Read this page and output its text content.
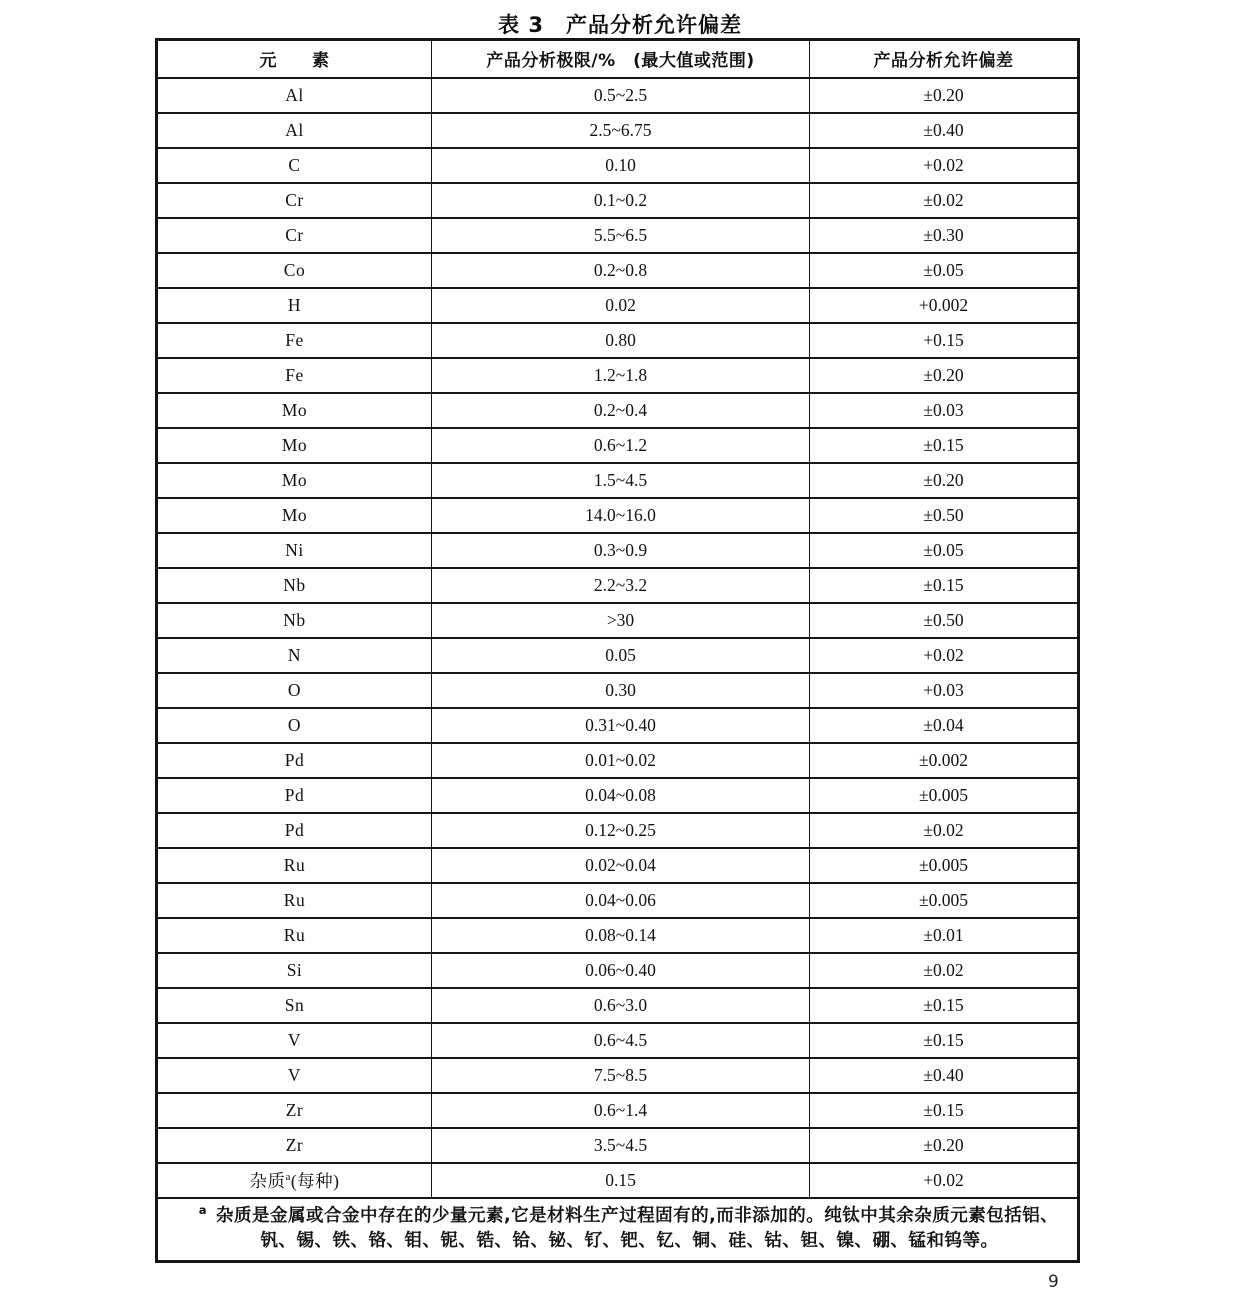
表 3　产品分析允许偏差
元　　素	产品分析极限/%　(最大值或范围)	产品分析允许偏差
Al	0.5~2.5	±0.20
Al	2.5~6.75	±0.40
C	0.10	+0.02
Cr	0.1~0.2	±0.02
Cr	5.5~6.5	±0.30
Co	0.2~0.8	±0.05
H	0.02	+0.002
Fe	0.80	+0.15
Fe	1.2~1.8	±0.20
Mo	0.2~0.4	±0.03
Mo	0.6~1.2	±0.15
Mo	1.5~4.5	±0.20
Mo	14.0~16.0	±0.50
Ni	0.3~0.9	±0.05
Nb	2.2~3.2	±0.15
Nb	>30	±0.50
N	0.05	+0.02
O	0.30	+0.03
O	0.31~0.40	±0.04
Pd	0.01~0.02	±0.002
Pd	0.04~0.08	±0.005
Pd	0.12~0.25	±0.02
Ru	0.02~0.04	±0.005
Ru	0.04~0.06	±0.005
Ru	0.08~0.14	±0.01
Si	0.06~0.40	±0.02
Sn	0.6~3.0	±0.15
V	0.6~4.5	±0.15
V	7.5~8.5	±0.40
Zr	0.6~1.4	±0.15
Zr	3.5~4.5	±0.20
杂质$^a$(每种)	0.15	+0.02

$^a$ 杂质是金属或合金中存在的少量元素,它是材料生产过程固有的,而非添加的。纯钛中其余杂质元素包括铝、
钒、锡、铁、铬、钼、铌、锆、铪、铋、钌、钯、钇、铜、硅、钴、钽、镍、硼、锰和钨等。		
9
